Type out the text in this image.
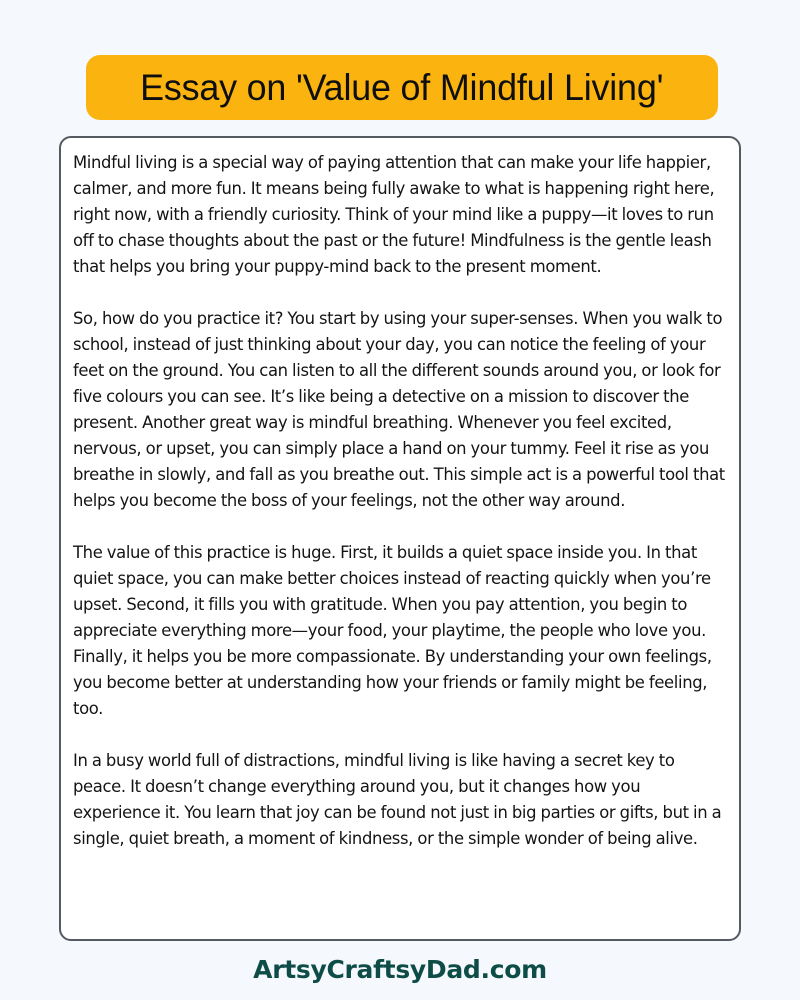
Essay on 'Value of Mindful Living'

Mindful living is a special way of paying attention that can make your life happier, calmer, and more fun. It means being fully awake to what is happening right here, right now, with a friendly curiosity. Think of your mind like a puppy—it loves to run off to chase thoughts about the past or the future! Mindfulness is the gentle leash that helps you bring your puppy-mind back to the present moment.

So, how do you practice it? You start by using your super-senses. When you walk to school, instead of just thinking about your day, you can notice the feeling of your feet on the ground. You can listen to all the different sounds around you, or look for five colours you can see. It’s like being a detective on a mission to discover the present. Another great way is mindful breathing. Whenever you feel excited, nervous, or upset, you can simply place a hand on your tummy. Feel it rise as you breathe in slowly, and fall as you breathe out. This simple act is a powerful tool that helps you become the boss of your feelings, not the other way around.

The value of this practice is huge. First, it builds a quiet space inside you. In that quiet space, you can make better choices instead of reacting quickly when you’re upset. Second, it fills you with gratitude. When you pay attention, you begin to appreciate everything more—your food, your playtime, the people who love you. Finally, it helps you be more compassionate. By understanding your own feelings, you become better at understanding how your friends or family might be feeling, too.

In a busy world full of distractions, mindful living is like having a secret key to peace. It doesn’t change everything around you, but it changes how you experience it. You learn that joy can be found not just in big parties or gifts, but in a single, quiet breath, a moment of kindness, or the simple wonder of being alive.

ArtsyCraftsyDad.com
